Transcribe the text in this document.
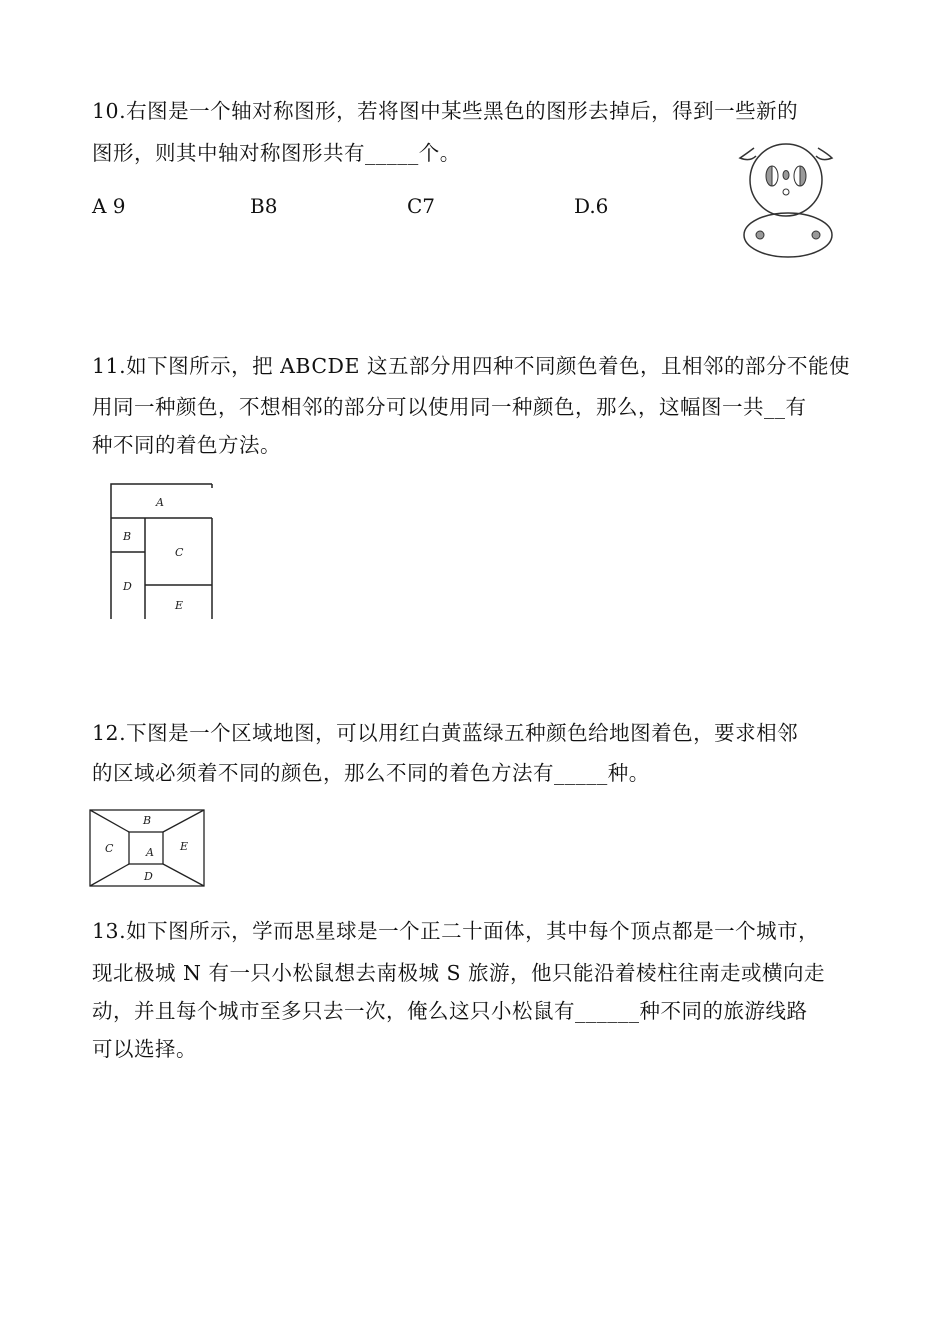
10.右图是一个轴对称图形，若将图中某些黑色的图形去掉后，得到一些新的
图形，则其中轴对称图形共有_____个。
A 9	B8	C7	D.6
11.如下图所示，把 ABCDE 这五部分用四种不同颜色着色，且相邻的部分不能使
用同一种颜色，不想相邻的部分可以使用同一种颜色，那么，这幅图一共__有
种不同的着色方法。
A
B
C
D
E
12.下图是一个区域地图，可以用红白黄蓝绿五种颜色给地图着色，要求相邻
的区域必须着不同的颜色，那么不同的着色方法有_____种。
B
C	A E
D
13.如下图所示，学而思星球是一个正二十面体，其中每个顶点都是一个城市，
现北极城 N 有一只小松鼠想去南极城 S 旅游，他只能沿着棱柱往南走或横向走
动，并且每个城市至多只去一次，俺么这只小松鼠有______种不同的旅游线路
可以选择。
